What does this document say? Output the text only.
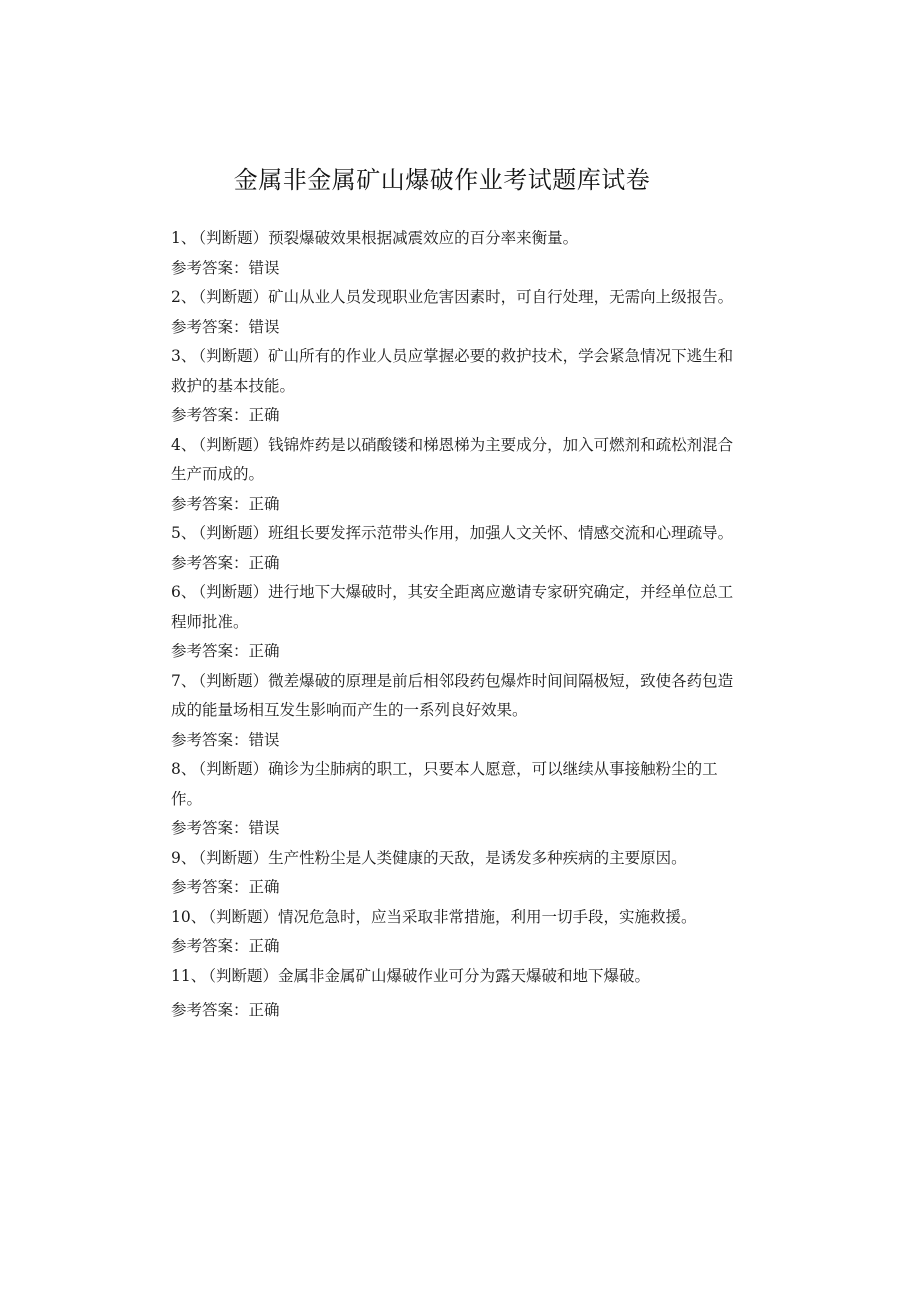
金属非金属矿山爆破作业考试题库试卷

1、 （判断题）预裂爆破效果根据减震效应的百分率来衡量。

参考答案：错误

2、 （判断题）矿山从业人员发现职业危害因素时，可自行处理，无需向上级报告。

参考答案：错误

3、 （判断题）矿山所有的作业人员应掌握必要的救护技术，学会紧急情况下逃生和救护的基本技能。

参考答案：正确

4、 （判断题）钱锦炸药是以硝酸镂和梯恩梯为主要成分，加入可燃剂和疏松剂混合生产而成的。

参考答案：正确

5、 （判断题）班组长要发挥示范带头作用，加强人文关怀、情感交流和心理疏导。

参考答案：正确

6、 （判断题）进行地下大爆破时，其安全距离应邀请专家研究确定，并经单位总工程师批准。

参考答案：正确

7、 （判断题）微差爆破的原理是前后相邻段药包爆炸时间间隔极短，致使各药包造成的能量场相互发生影响而产生的一系列良好效果。

参考答案：错误

8、 （判断题）确诊为尘肺病的职工，只要本人愿意，可以继续从事接触粉尘的工作。

参考答案：错误

9、 （判断题）生产性粉尘是人类健康的天敌，是诱发多种疾病的主要原因。

参考答案：正确

10、 （判断题）情况危急时，应当采取非常措施，利用一切手段，实施救援。

参考答案：正确

11、 （判断题）金属非金属矿山爆破作业可分为露天爆破和地下爆破。

参考答案：正确
